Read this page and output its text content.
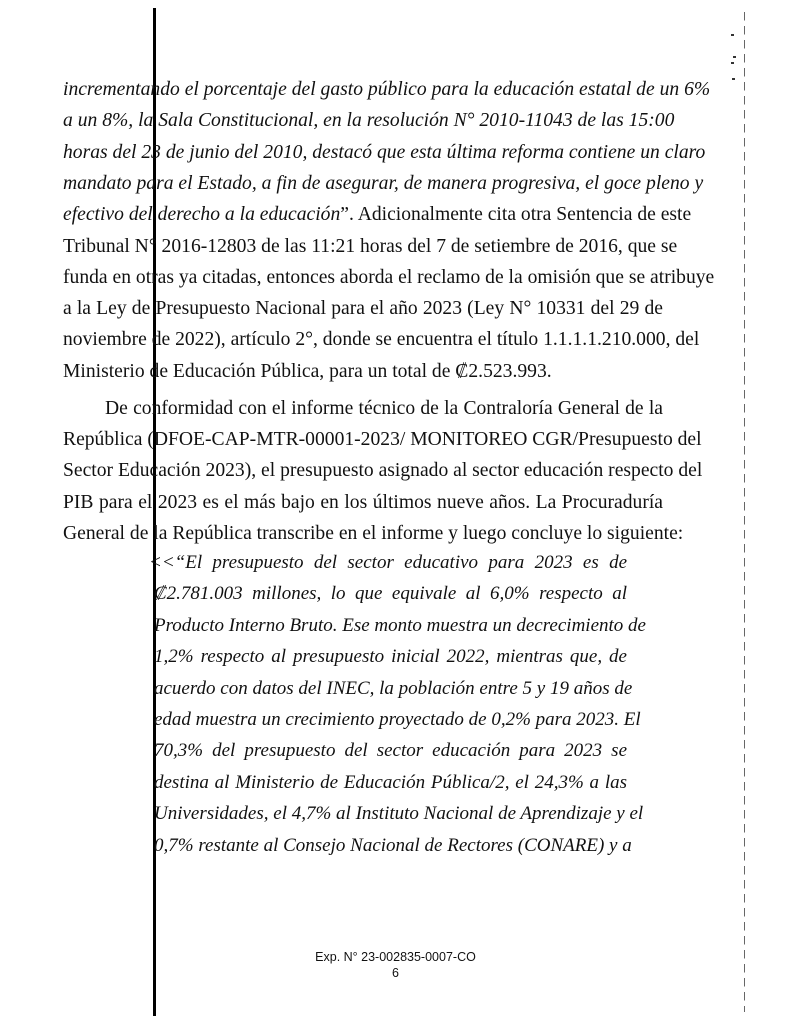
incrementando el porcentaje del gasto público para la educación estatal de un 6%
a un 8%, la Sala Constitucional, en la resolución N° 2010-11043 de las 15:00
horas del 23 de junio del 2010, destacó que esta última reforma contiene un claro
mandato para el Estado, a fin de asegurar, de manera progresiva, el goce pleno y
efectivo del derecho a la educación”. Adicionalmente cita otra Sentencia de este
Tribunal N° 2016-12803 de las 11:21 horas del 7 de setiembre de 2016, que se
funda en otras ya citadas, entonces aborda el reclamo de la omisión que se atribuye
a la Ley de Presupuesto Nacional para el año 2023 (Ley N° 10331 del 29 de
noviembre de 2022), artículo 2°, donde se encuentra el título 1.1.1.1.210.000, del
Ministerio de Educación Pública, para un total de ₡2.523.993.
De conformidad con el informe técnico de la Contraloría General de la
República (DFOE-CAP-MTR-00001-2023/ MONITOREO CGR/Presupuesto del
Sector Educación 2023), el presupuesto asignado al sector educación respecto del
PIB para el 2023 es el más bajo en los últimos nueve años. La Procuraduría
General de la República transcribe en el informe y luego concluye lo siguiente:
<<“El presupuesto del sector educativo para 2023 es de
₡2.781.003 millones, lo que equivale al 6,0% respecto al
Producto Interno Bruto. Ese monto muestra un decrecimiento de
1,2% respecto al presupuesto inicial 2022, mientras que, de
acuerdo con datos del INEC, la población entre 5 y 19 años de
edad muestra un crecimiento proyectado de 0,2% para 2023. El
70,3% del presupuesto del sector educación para 2023 se
destina al Ministerio de Educación Pública/2, el 24,3% a las
Universidades, el 4,7% al Instituto Nacional de Aprendizaje y el
0,7% restante al Consejo Nacional de Rectores (CONARE) y a
Exp. N° 23-002835-0007-CO
6
